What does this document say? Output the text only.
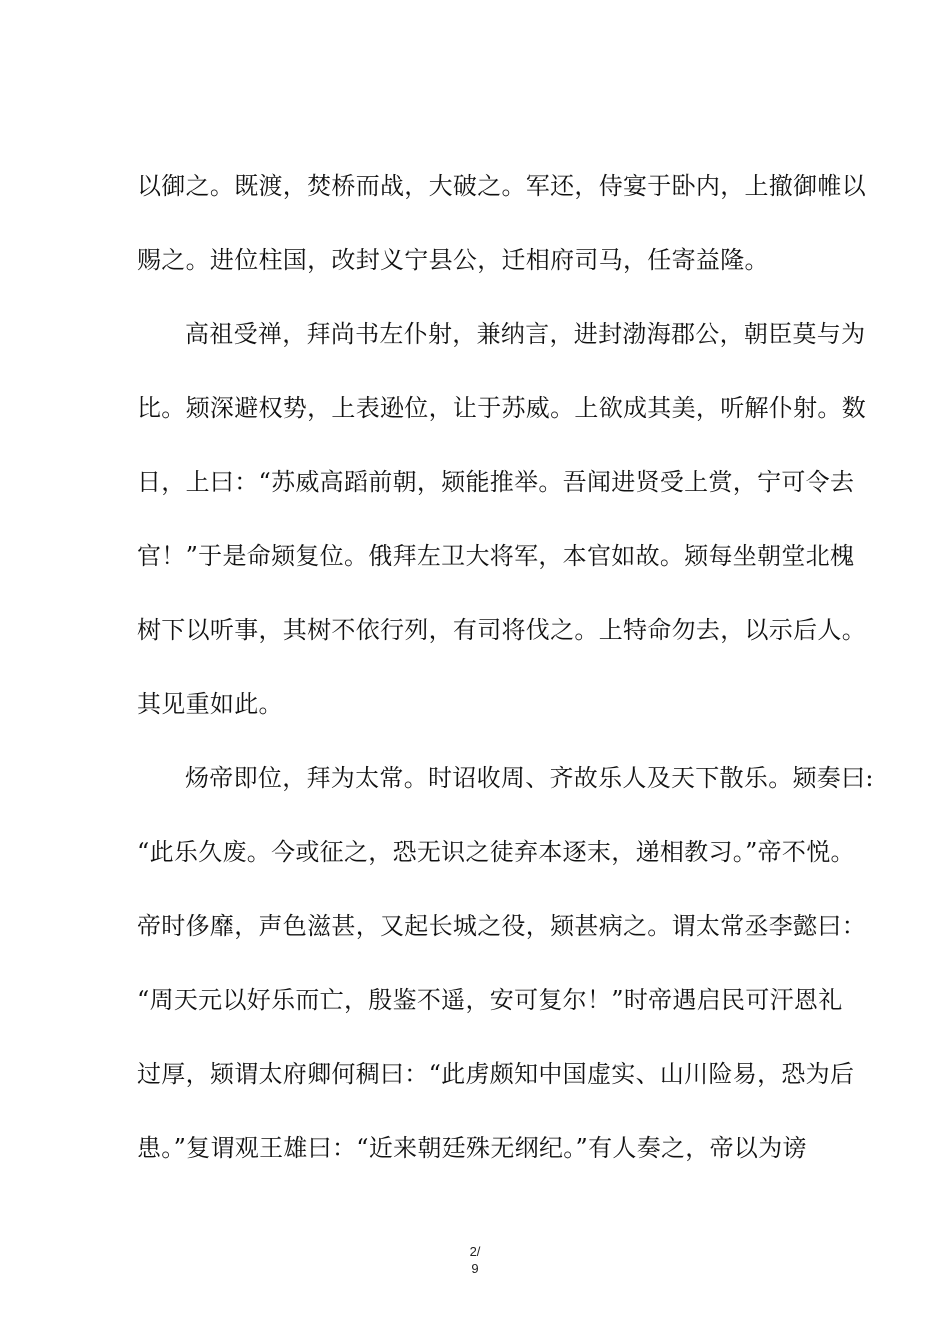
以御之。既渡，焚桥而战，大破之。军还，侍宴于卧内，上撤御帷以
赐之。进位柱国，改封义宁县公，迁相府司马，任寄益隆。
高祖受禅，拜尚书左仆射，兼纳言，进封渤海郡公，朝臣莫与为
比。颎深避权势，上表逊位，让于苏威。上欲成其美，听解仆射。数
日，上曰：“苏威高蹈前朝，颎能推举。吾闻进贤受上赏，宁可令去
官！”于是命颎复位。俄拜左卫大将军，本官如故。颎每坐朝堂北槐
树下以听事，其树不依行列，有司将伐之。上特命勿去，以示后人。
其见重如此。
炀帝即位，拜为太常。时诏收周、齐故乐人及天下散乐。颎奏曰:
“此乐久废。今或征之，恐无识之徒弃本逐末，递相教习。”帝不悦。
帝时侈靡，声色滋甚，又起长城之役，颎甚病之。谓太常丞李懿曰：
“周天元以好乐而亡，殷鉴不遥，安可复尔！”时帝遇启民可汗恩礼
过厚，颎谓太府卿何稠曰：“此虏颇知中国虚实、山川险易，恐为后
患。”复谓观王雄曰：“近来朝廷殊无纲纪。”有人奏之，帝以为谤
2/
9
